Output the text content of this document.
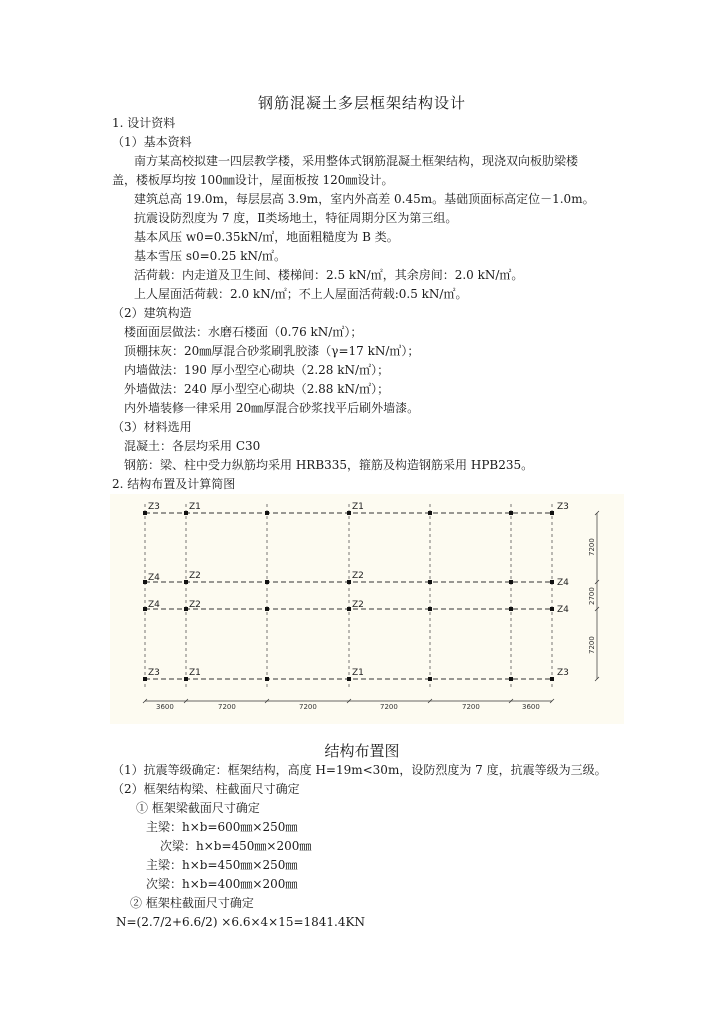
钢筋混凝土多层框架结构设计
1. 设计资料
（1）基本资料
南方某高校拟建一四层教学楼，采用整体式钢筋混凝土框架结构，现浇双向板肋梁楼
盖，楼板厚均按 100㎜设计，屋面板按 120㎜设计。
建筑总高 19.0m，每层层高 3.9m，室内外高差 0.45m。基础顶面标高定位－1.0m。
抗震设防烈度为 7 度，Ⅱ类场地土，特征周期分区为第三组。
基本风压 w0=0.35kN/㎡，地面粗糙度为 B 类。
基本雪压 s0=0.25 kN/㎡。
活荷载：内走道及卫生间、楼梯间：2.5 kN/㎡，其余房间：2.0 kN/㎡。
上人屋面活荷载：2.0 kN/㎡；不上人屋面活荷载:0.5 kN/㎡。
（2）建筑构造
楼面面层做法：水磨石楼面（0.76 kN/㎡）；
顶棚抹灰：20㎜厚混合砂浆刷乳胶漆（γ=17 kN/㎥）；
内墙做法：190 厚小型空心砌块（2.28 kN/㎡）；
外墙做法：240 厚小型空心砌块（2.88 kN/㎡）；
内外墙装修一律采用 20㎜厚混合砂浆找平后刷外墙漆。
（3）材料选用
混凝土：各层均采用 C30
钢筋：梁、柱中受力纵筋均采用 HRB335，箍筋及构造钢筋采用 HPB235。
2. 结构布置及计算简图
Z3	Z1	Z1	Z3
Z4	Z2	Z2
Z4
Z4	Z2	Z2	Z4
Z3	Z1	Z1	Z3
3600	7200	7200	7200	7200	3600
7200
2700
7200
结构布置图
（1）抗震等级确定：框架结构，高度 H=19m<30m，设防烈度为 7 度，抗震等级为三级。
（2）框架结构梁、柱截面尺寸确定
① 框架梁截面尺寸确定
主梁：h×b=600㎜×250㎜
次梁：h×b=450㎜×200㎜
主梁：h×b=450㎜×250㎜
次梁：h×b=400㎜×200㎜
② 框架柱截面尺寸确定
N=(2.7/2+6.6/2) ×6.6×4×15=1841.4KN
